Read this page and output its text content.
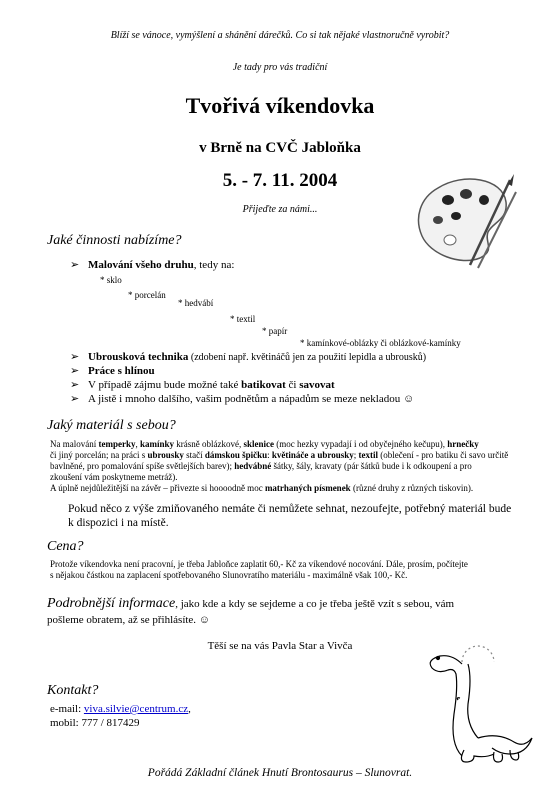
Blíží se vánoce, vymýšlení a shánění dárečků. Co si tak nějaké vlastnoručně vyrobit?
Je tady pro vás tradiční
Tvořivá víkendovka
v Brně na CVČ Jabloňka
5. - 7. 11. 2004
Přijeďte za námi...
Jaké činnosti nabízíme?
➢ Malování všeho druhu, tedy na:
* sklo
* porcelán
* hedvábí
* textil
* papír
* kamínkové-oblázky či oblázkové-kamínky
➢ Ubrousková technika (zdobení např. květináčů jen za použití lepidla a ubrousků)
➢ Práce s hlínou
➢ V případě zájmu bude možné také batikovat či savovat
➢ A jistě i mnoho dalšího, vašim podnětům a nápadům se meze nekladou ☺
Jaký materiál s sebou?
Na malování temperky, kamínky krásně oblázkové, sklenice (moc hezky vypadají i od obyčejného kečupu), hrnečky
či jiný porcelán; na práci s ubrousky stačí dámskou špičku: květináče a ubrousky; textil (oblečení - pro batiku či savo určitě
bavlněné, pro pomalování spíše světlejších barev); hedvábné šátky, šály, kravaty (pár šátků bude i k odkoupení a pro
zkoušení vám poskytneme metráž).
A úplně nejdůležitější na závěr – přivezte si hoooodně moc matrhaných písmenek (různé druhy z různých tiskovin).
Pokud něco z výše zmiňovaného nemáte či nemůžete sehnat, nezoufejte, potřebný materiál bude
k dispozici i na místě.
Cena?
Protože víkendovka není pracovní, je třeba Jabloňce zaplatit 60,- Kč za víkendové nocování. Dále, prosím, počítejte
s nějakou částkou na zaplacení spotřebovaného Slunovratího materiálu - maximálně však 100,- Kč.
Podrobnější informace, jako kde a kdy se sejdeme a co je třeba ještě vzít s sebou, vám
pošleme obratem, až se přihlásíte. ☺
Těší se na vás Pavla Star a Vivča
Kontakt?
e-mail: viva.silvie@centrum.cz,
mobil: 777 / 817429
Pořádá Základní článek Hnutí Brontosaurus – Slunovrat.
